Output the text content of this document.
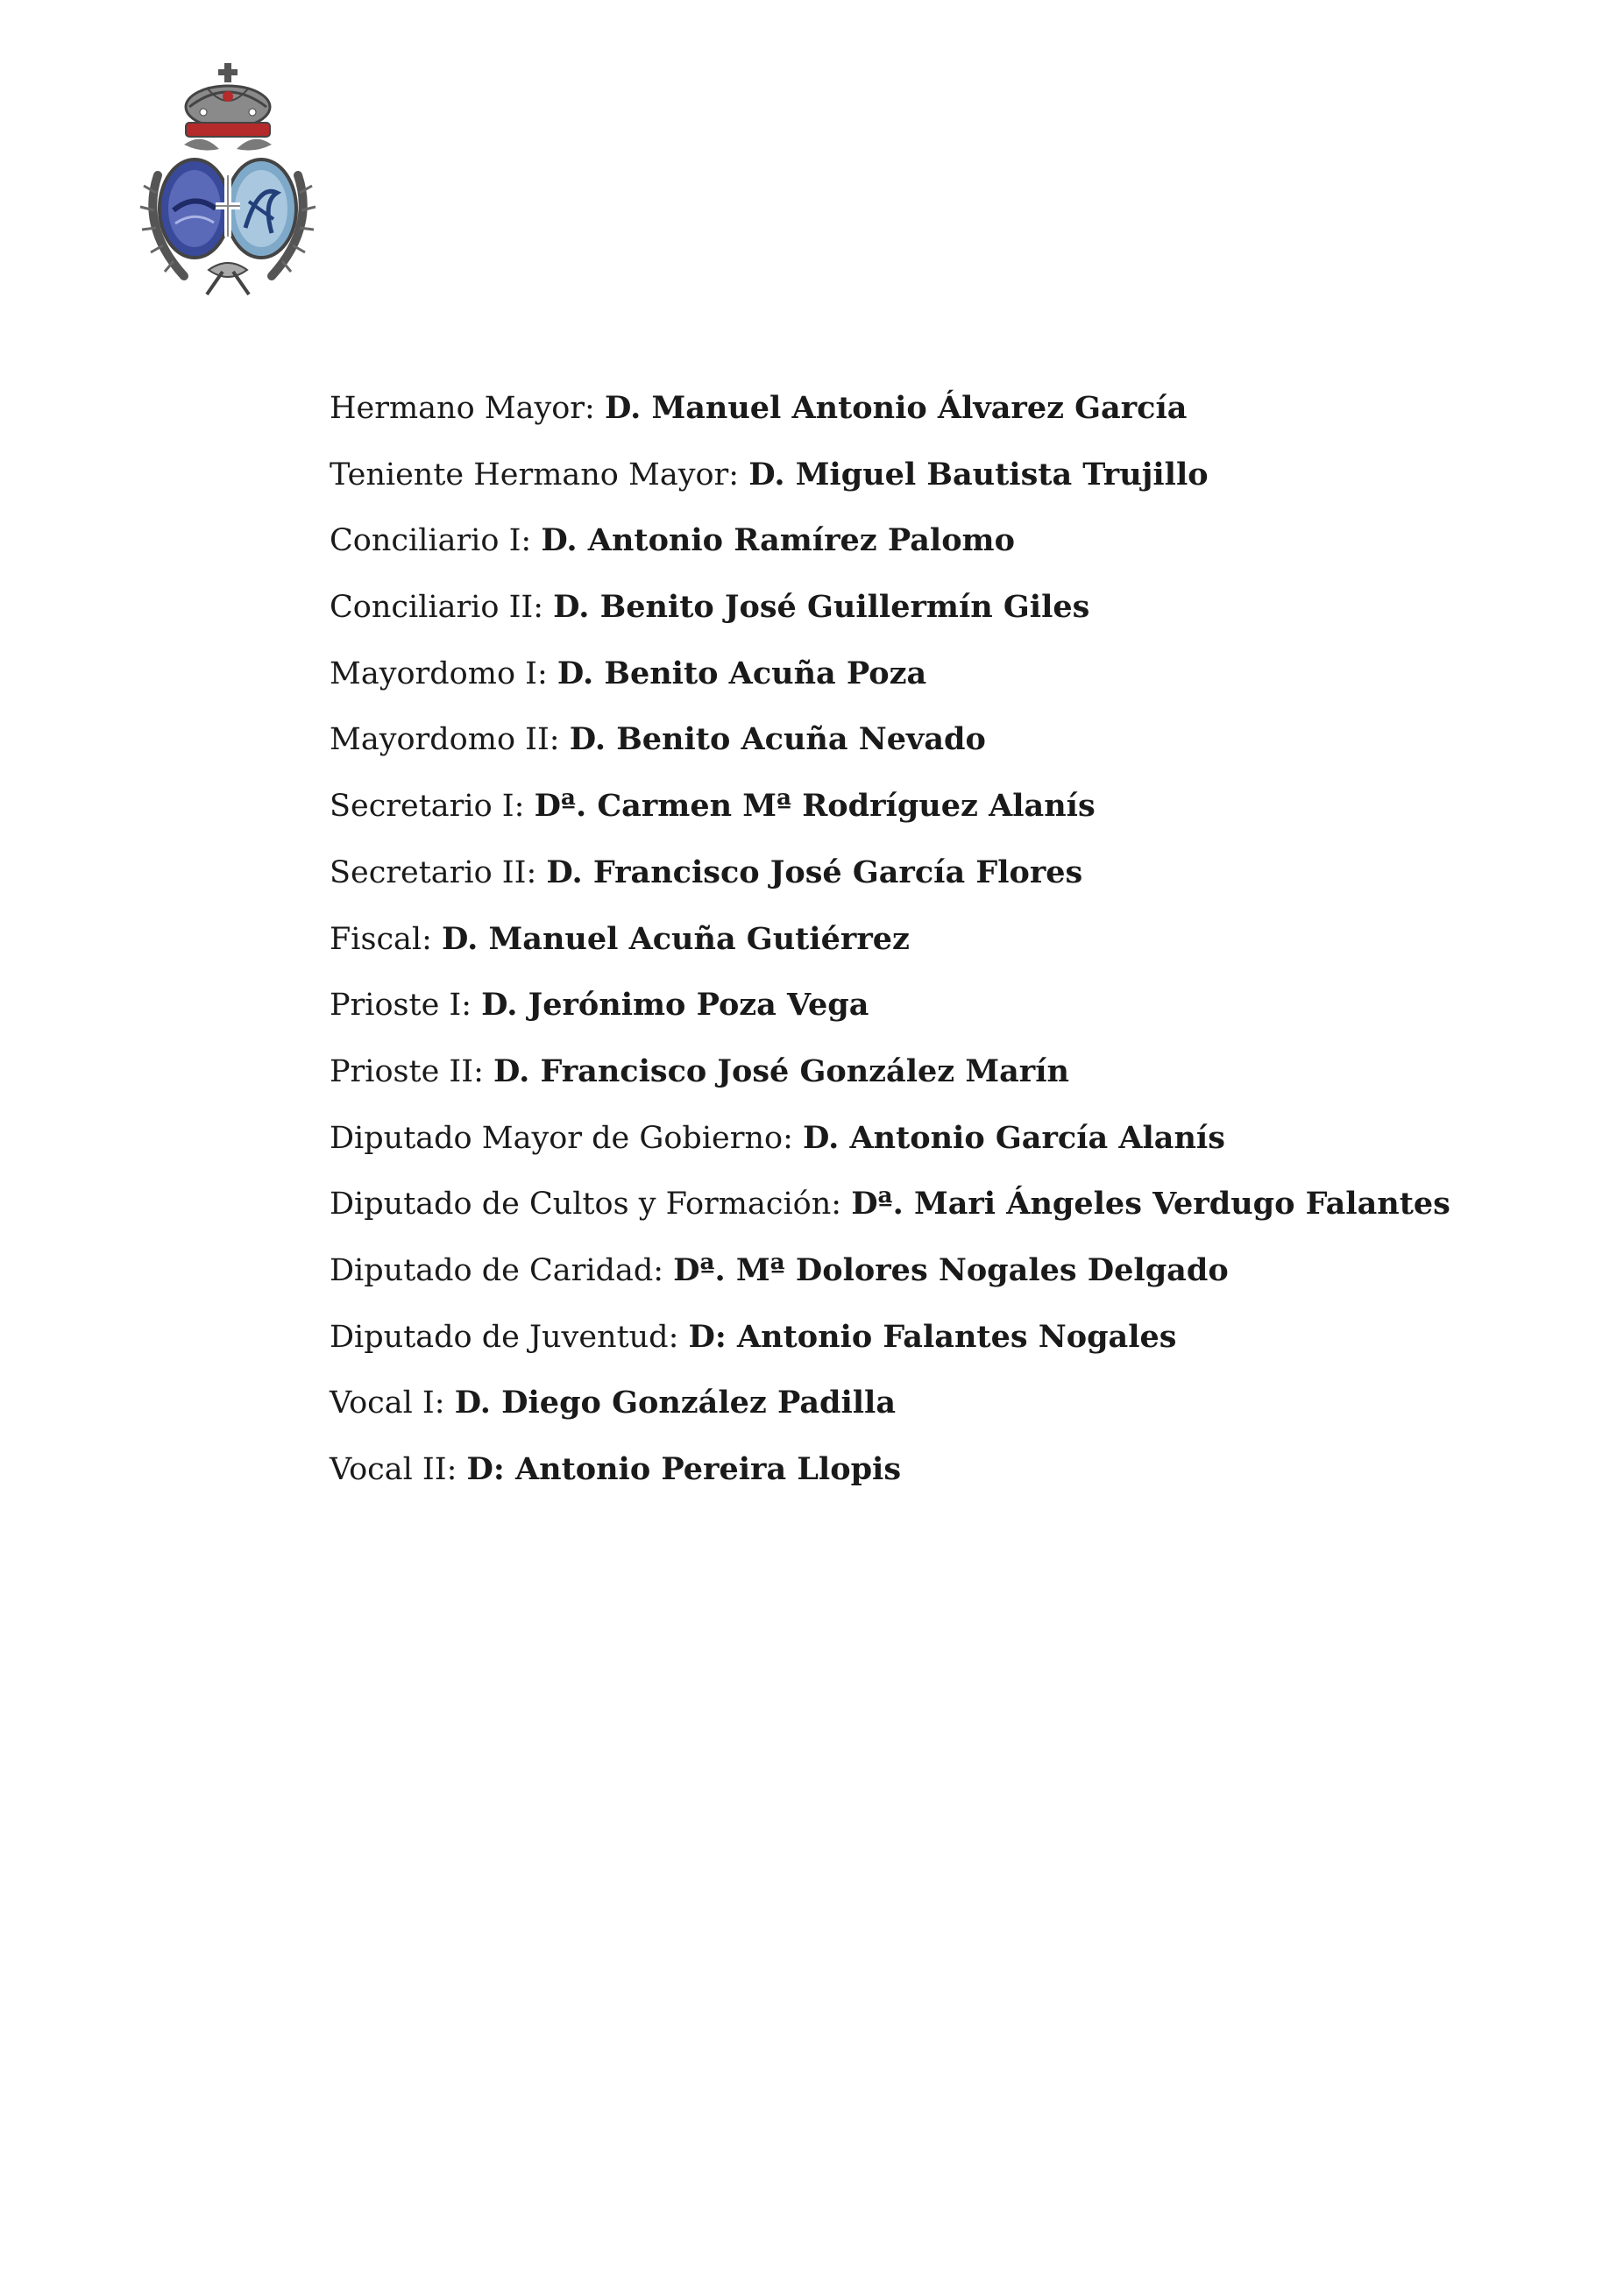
Hermano Mayor: D. Manuel Antonio Álvarez García
Teniente Hermano Mayor: D. Miguel Bautista Trujillo
Conciliario I: D. Antonio Ramírez Palomo
Conciliario II: D. Benito José Guillermín Giles
Mayordomo I: D. Benito Acuña Poza
Mayordomo II: D. Benito Acuña Nevado
Secretario I: Dª. Carmen Mª Rodríguez Alanís
Secretario II: D. Francisco José García Flores
Fiscal: D. Manuel Acuña Gutiérrez
Prioste I: D. Jerónimo Poza Vega
Prioste II: D. Francisco José González Marín
Diputado Mayor de Gobierno: D. Antonio García Alanís
Diputado de Cultos y Formación: Dª. Mari Ángeles Verdugo Falantes
Diputado de Caridad: Dª. Mª Dolores Nogales Delgado
Diputado de Juventud: D: Antonio Falantes Nogales
Vocal I: D. Diego González Padilla
Vocal II: D: Antonio Pereira Llopis
